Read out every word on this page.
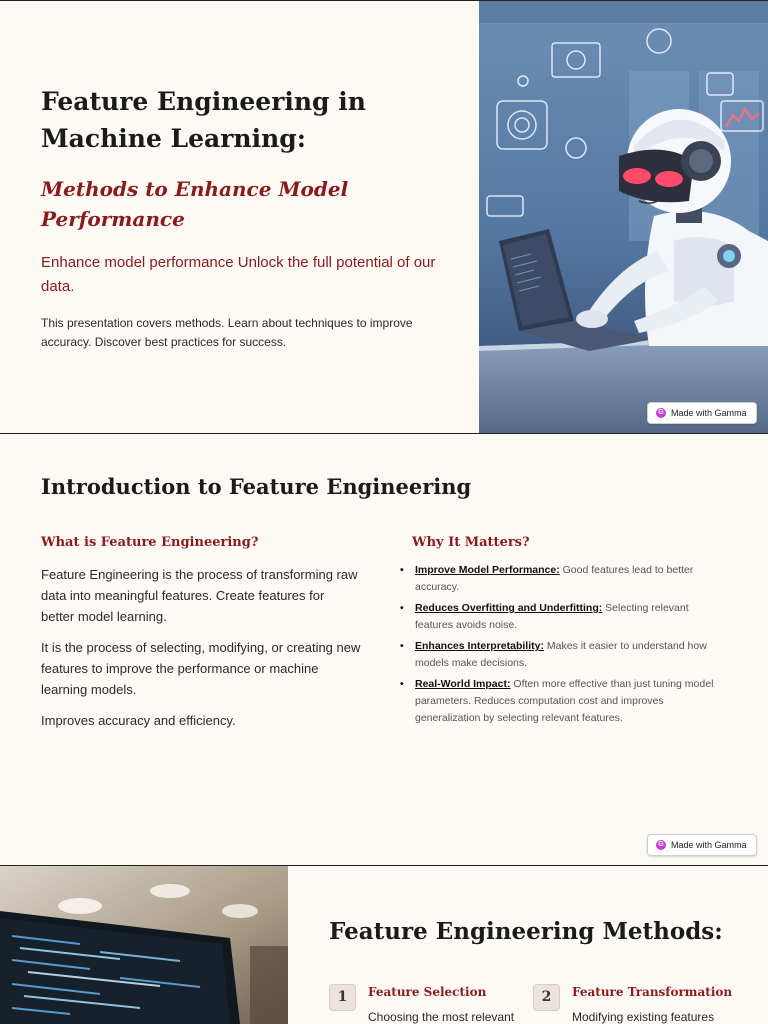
Feature Engineering in Machine Learning:
Methods to Enhance Model Performance

Enhance model performance Unlock the full potential of our data.

This presentation covers methods. Learn about techniques to improve accuracy. Discover best practices for success.

G Made with Gamma
Introduction to Feature Engineering
What is Feature Engineering?

Feature Engineering is the process of transforming raw data into meaningful features. Create features for better model learning.

It is the process of selecting, modifying, or creating new features to improve the performance or machine learning models.

Improves accuracy and efficiency.

Why It Matters?
• Improve Model Performance: Good features lead to better accuracy.
• Reduces Overfitting and Underfitting: Selecting relevant features avoids noise.
• Enhances Interpretability: Makes it easier to understand how models make decisions.
• Real-World Impact: Often more effective than just tuning model parameters. Reduces computation cost and improves generalization by selecting relevant features.
G Made with Gamma
Feature Engineering Methods:
1	Feature Selection
Choosing the most relevant
2	Feature Transformation
Modifying existing features
